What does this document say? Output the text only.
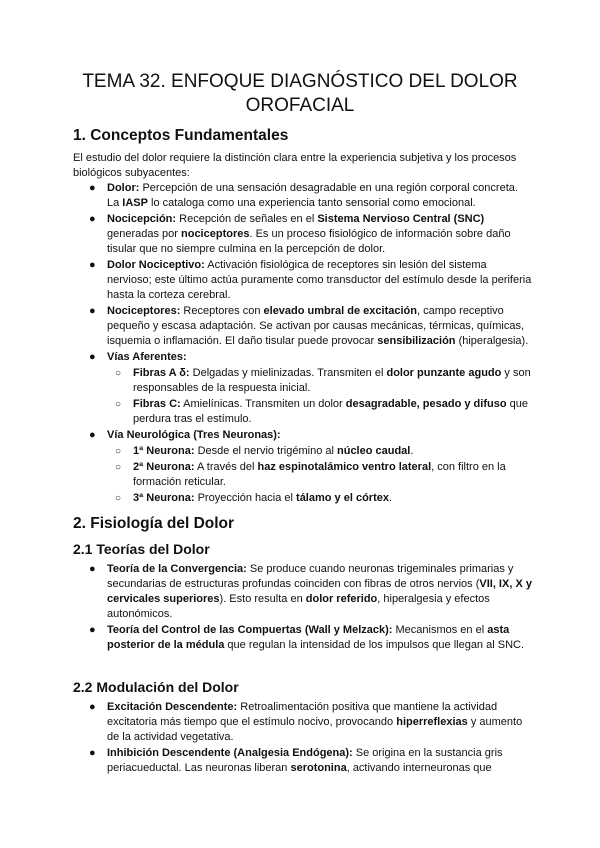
TEMA 32. ENFOQUE DIAGNÓSTICO DEL DOLOR OROFACIAL
1. Conceptos Fundamentales

El estudio del dolor requiere la distinción clara entre la experiencia subjetiva y los procesos biológicos subyacentes:

● Dolor: Percepción de una sensación desagradable en una región corporal concreta. La IASP lo cataloga como una experiencia tanto sensorial como emocional.
● Nocicepción: Recepción de señales en el Sistema Nervioso Central (SNC) generadas por nociceptores. Es un proceso fisiológico de información sobre daño tisular que no siempre culmina en la percepción de dolor.
● Dolor Nociceptivo: Activación fisiológica de receptores sin lesión del sistema nervioso; este último actúa puramente como transductor del estímulo desde la periferia hasta la corteza cerebral.
● Nociceptores: Receptores con elevado umbral de excitación, campo receptivo pequeño y escasa adaptación. Se activan por causas mecánicas, térmicas, químicas, isquemia o inflamación. El daño tisular puede provocar sensibilización (hiperalgesia).
● Vías Aferentes:
○ Fibras A δ: Delgadas y mielinizadas. Transmiten el dolor punzante agudo y son responsables de la respuesta inicial.
○ Fibras C: Amielínicas. Transmiten un dolor desagradable, pesado y difuso que perdura tras el estímulo.
● Vía Neurológica (Tres Neuronas):
○ 1ª Neurona: Desde el nervio trigémino al núcleo caudal.
○ 2ª Neurona: A través del haz espinotalámico ventro lateral, con filtro en la formación reticular.
○ 3ª Neurona: Proyección hacia el tálamo y el córtex.
2. Fisiología del Dolor
2.1 Teorías del Dolor
● Teoría de la Convergencia: Se produce cuando neuronas trigeminales primarias y secundarias de estructuras profundas coinciden con fibras de otros nervios (VII, IX, X y cervicales superiores). Esto resulta en dolor referido, hiperalgesia y efectos autonómicos.
● Teoría del Control de las Compuertas (Wall y Melzack): Mecanismos en el asta posterior de la médula que regulan la intensidad de los impulsos que llegan al SNC.
2.2 Modulación del Dolor
● Excitación Descendente: Retroalimentación positiva que mantiene la actividad excitatoria más tiempo que el estímulo nocivo, provocando hiperreflexias y aumento de la actividad vegetativa.
● Inhibición Descendente (Analgesia Endógena): Se origina en la sustancia gris periacueductal. Las neuronas liberan serotonina, activando interneuronas que
